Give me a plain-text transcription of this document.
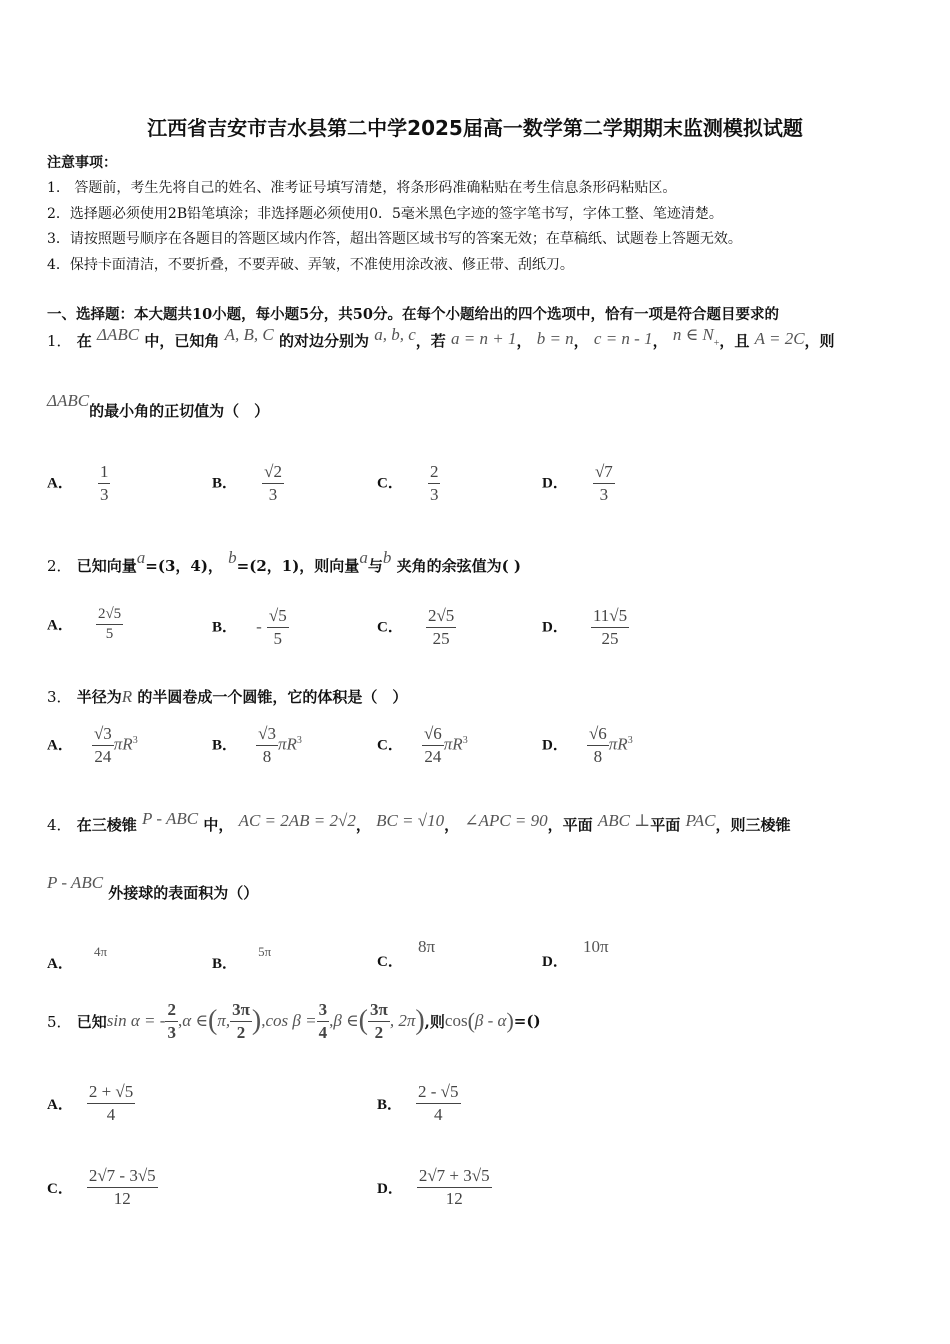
江西省吉安市吉水县第二中学2025届高一数学第二学期期末监测模拟试题
注意事项：
1.　答题前，考生先将自己的姓名、准考证号填写清楚，将条形码准确粘贴在考生信息条形码粘贴区。
2．选择题必须使用2B铅笔填涂；非选择题必须使用0．5毫米黑色字迹的签字笔书写，字体工整、笔迹清楚。
3．请按照题号顺序在各题目的答题区域内作答，超出答题区域书写的答案无效；在草稿纸、试题卷上答题无效。
4．保持卡面清洁，不要折叠，不要弄破、弄皱，不准使用涂改液、修正带、刮纸刀。
一、选择题：本大题共10小题，每小题5分，共50分。在每个小题给出的四个选项中，恰有一项是符合题目要求的
1． 在 ΔABC 中，已知角 A, B, C 的对边分别为 a, b, c，若 a = n + 1， b = n， c = n - 1， n ∈ N+，且 A = 2C，则
ΔABC的最小角的正切值为（　）
A． $\frac{1}{3}$	B． $\frac{√2}{3}$	C． $\frac{2}{3}$	D． $\frac{√7}{3}$
2． 已知向量a=(3，4)， b=(2，1)，则向量a与b 夹角的余弦值为( )
A． $\frac{2√5}{5}$	B． - $\frac{√5}{5}$	C． $\frac{2√5}{25}$	D． $\frac{11√5}{25}$
3． 半径为R 的半圆卷成一个圆锥，它的体积是（　）
A． $\frac{√3}{24} \pi R^3$	B． $\frac{√3}{8} \pi R^3$	C． $\frac{√6}{24} \pi R^3$	D． $\frac{√6}{8} \pi R^3$
4． 在三棱锥 P - ABC 中， AC = 2AB = 2√2， BC = √10， ∠APC = 90，平面 ABC ⊥平面 PAC，则三棱锥
P - ABC 外接球的表面积为（）
A． 4π
B． 5π
C． 8π
D． 10π
5．
已知 sin α = - $\frac{2}{3}$ , α ∈ ( π, $\frac{3\pi}{2}$ ) , $\cos \beta = \frac{3}{4}$ , β ∈ ( $\frac{3\pi}{2}$ , 2π ) ,则 cos ( β - α ) =()
A． $\frac{2 + √5}{4}$	B． $\frac{2 - √5}{4}$
C． $\frac{2√7 - 3√5}{12}$	D． $\frac{2√7 + 3√5}{12}$
